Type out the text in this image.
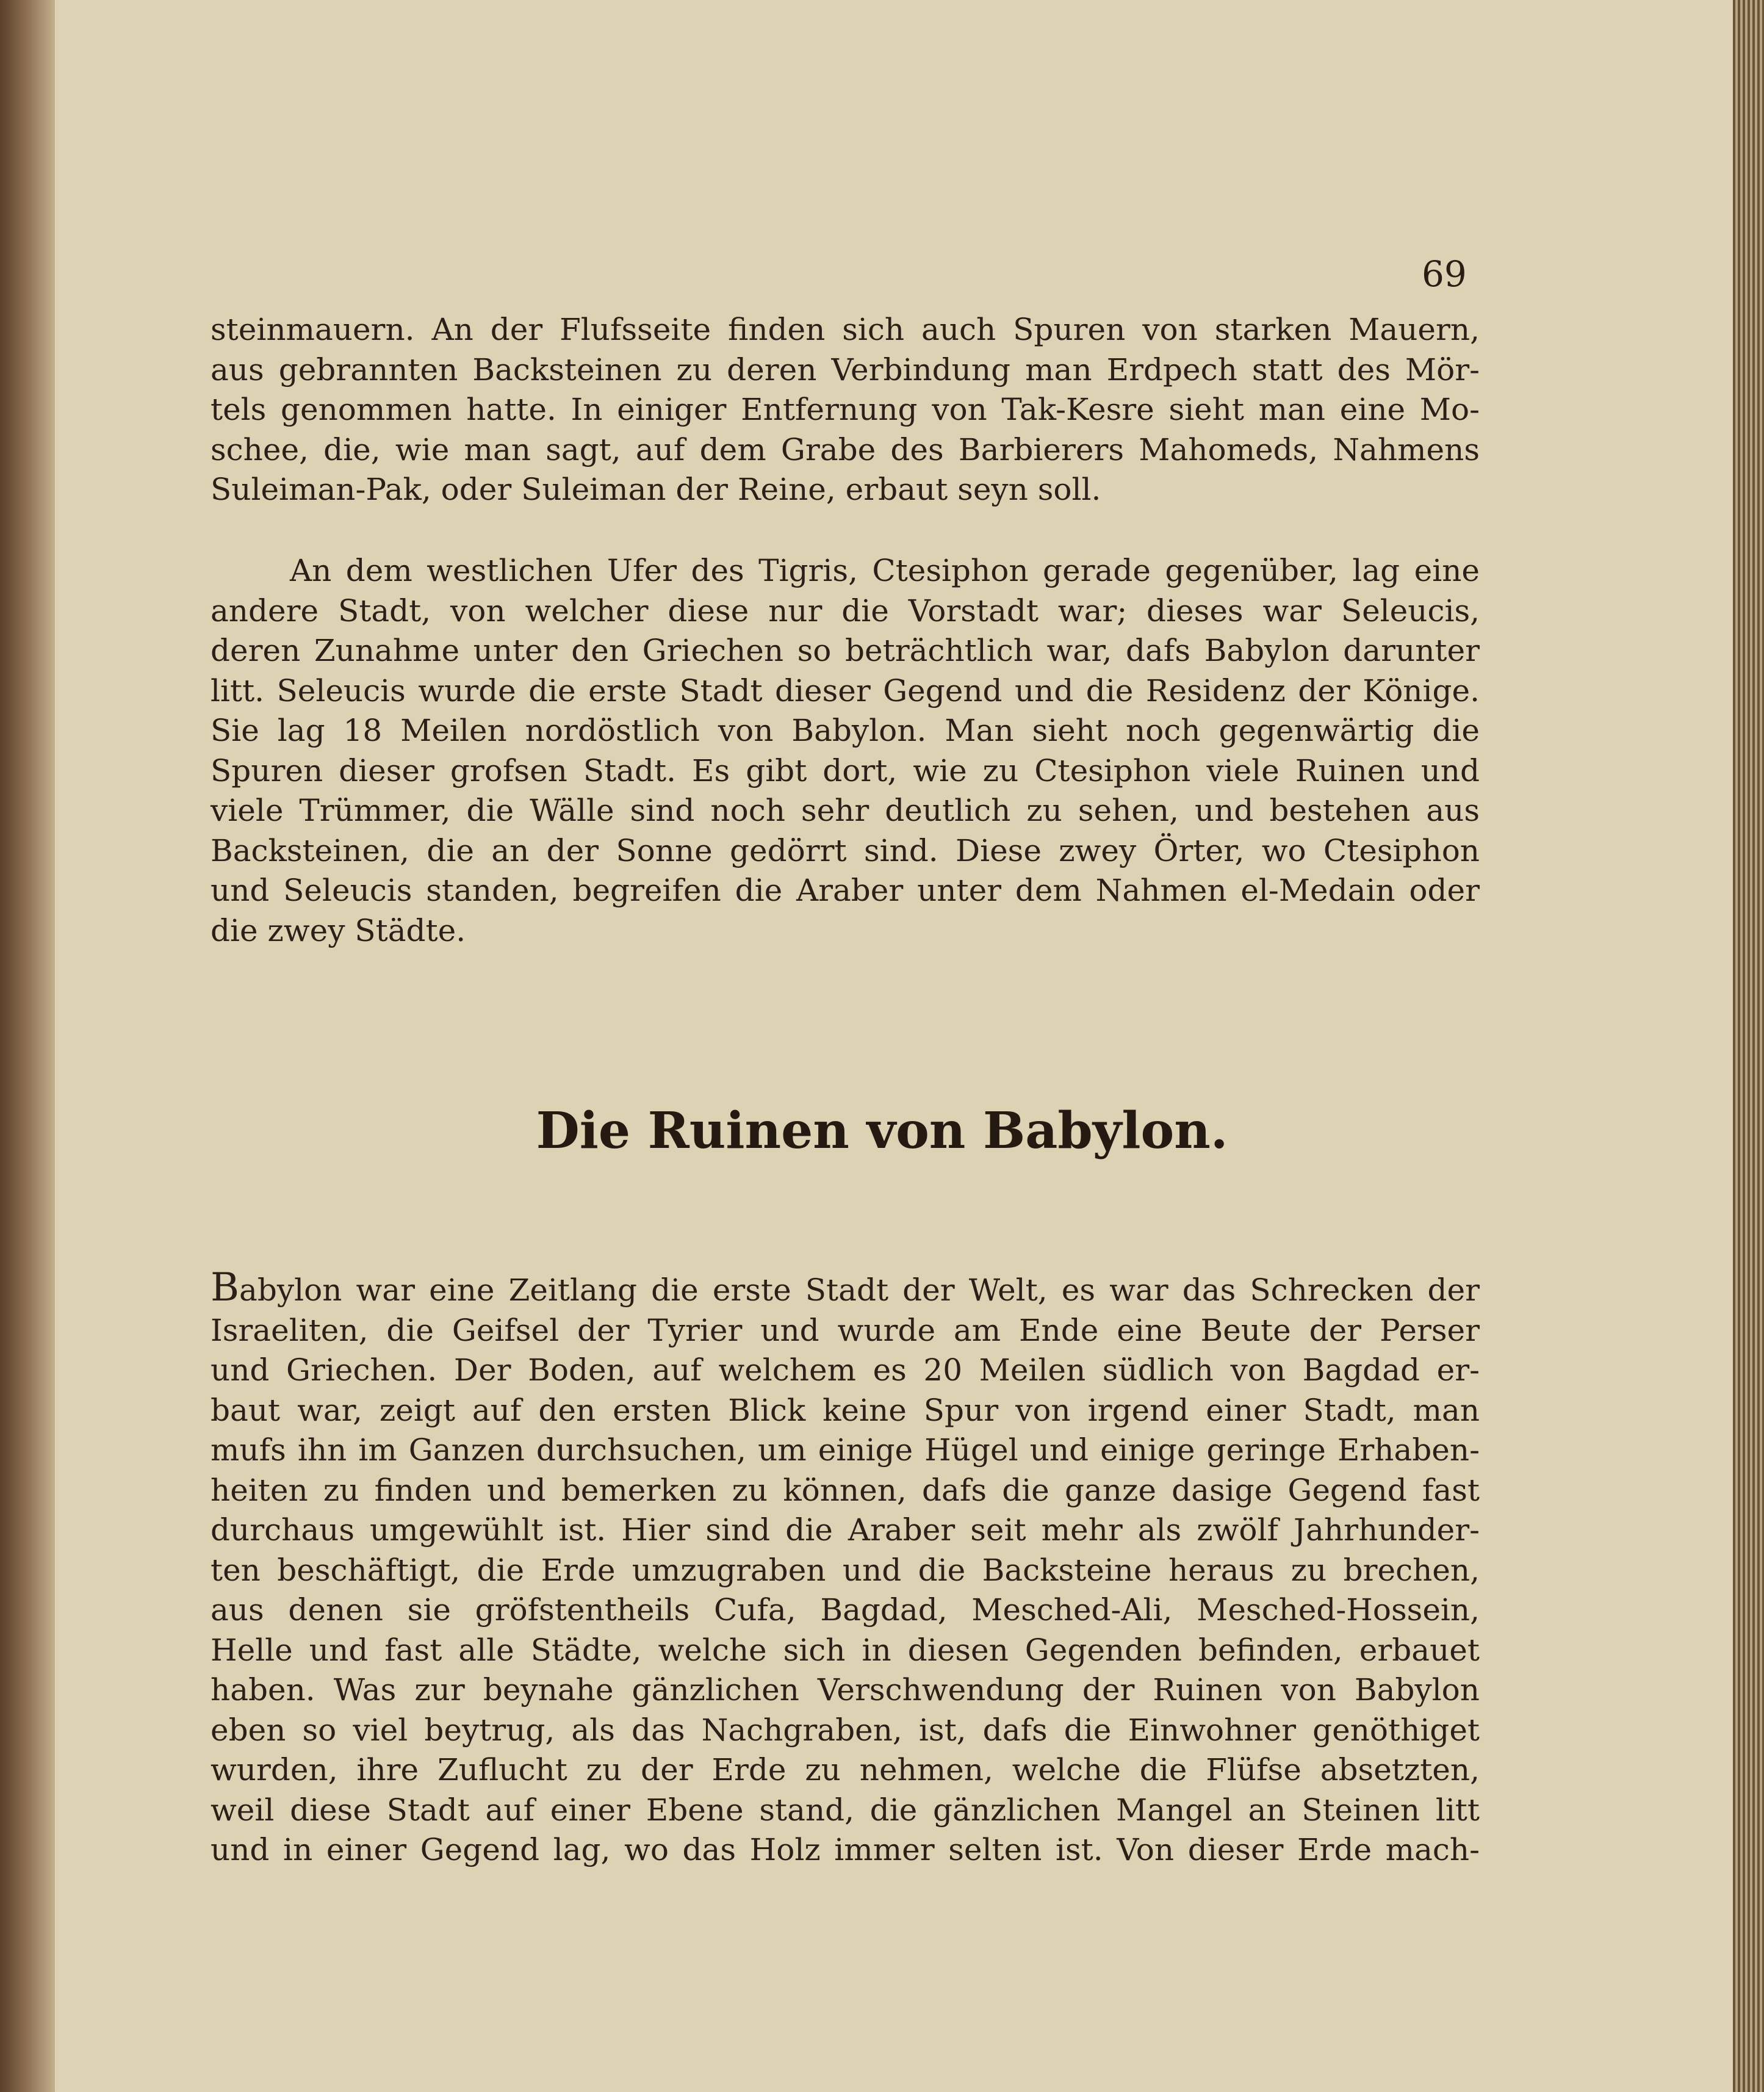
69

steinmauern. An der Flufsseite finden sich auch Spuren von starken Mauern,
aus gebrannten Backsteinen zu deren Verbindung man Erdpech statt des Mör-
tels genommen hatte. In einiger Entfernung von Tak-Kesre sieht man eine Mo-
schee, die, wie man sagt, auf dem Grabe des Barbierers Mahomeds, Nahmens
Suleiman-Pak, oder Suleiman der Reine, erbaut seyn soll.

An dem westlichen Ufer des Tigris, Ctesiphon gerade gegenüber, lag eine
andere Stadt, von welcher diese nur die Vorstadt war; dieses war Seleucis,
deren Zunahme unter den Griechen so beträchtlich war, dafs Babylon darunter
litt. Seleucis wurde die erste Stadt dieser Gegend und die Residenz der Könige.
Sie lag 18 Meilen nordöstlich von Babylon. Man sieht noch gegenwärtig die
Spuren dieser grofsen Stadt. Es gibt dort, wie zu Ctesiphon viele Ruinen und
viele Trümmer, die Wälle sind noch sehr deutlich zu sehen, und bestehen aus
Backsteinen, die an der Sonne gedörrt sind. Diese zwey Örter, wo Ctesiphon
und Seleucis standen, begreifen die Araber unter dem Nahmen el-Medain oder
die zwey Städte.

Die Ruinen von Babylon.

Babylon war eine Zeitlang die erste Stadt der Welt, es war das Schrecken der
Israeliten, die Geifsel der Tyrier und wurde am Ende eine Beute der Perser
und Griechen. Der Boden, auf welchem es 20 Meilen südlich von Bagdad er-
baut war, zeigt auf den ersten Blick keine Spur von irgend einer Stadt, man
mufs ihn im Ganzen durchsuchen, um einige Hügel und einige geringe Erhaben-
heiten zu finden und bemerken zu können, dafs die ganze dasige Gegend fast
durchaus umgewühlt ist. Hier sind die Araber seit mehr als zwölf Jahrhunder-
ten beschäftigt, die Erde umzugraben und die Backsteine heraus zu brechen,
aus denen sie gröfstentheils Cufa, Bagdad, Mesched-Ali, Mesched-Hossein,
Helle und fast alle Städte, welche sich in diesen Gegenden befinden, erbauet
haben. Was zur beynahe gänzlichen Verschwendung der Ruinen von Babylon
eben so viel beytrug, als das Nachgraben, ist, dafs die Einwohner genöthiget
wurden, ihre Zuflucht zu der Erde zu nehmen, welche die Flüfse absetzten,
weil diese Stadt auf einer Ebene stand, die gänzlichen Mangel an Steinen litt
und in einer Gegend lag, wo das Holz immer selten ist. Von dieser Erde mach-
